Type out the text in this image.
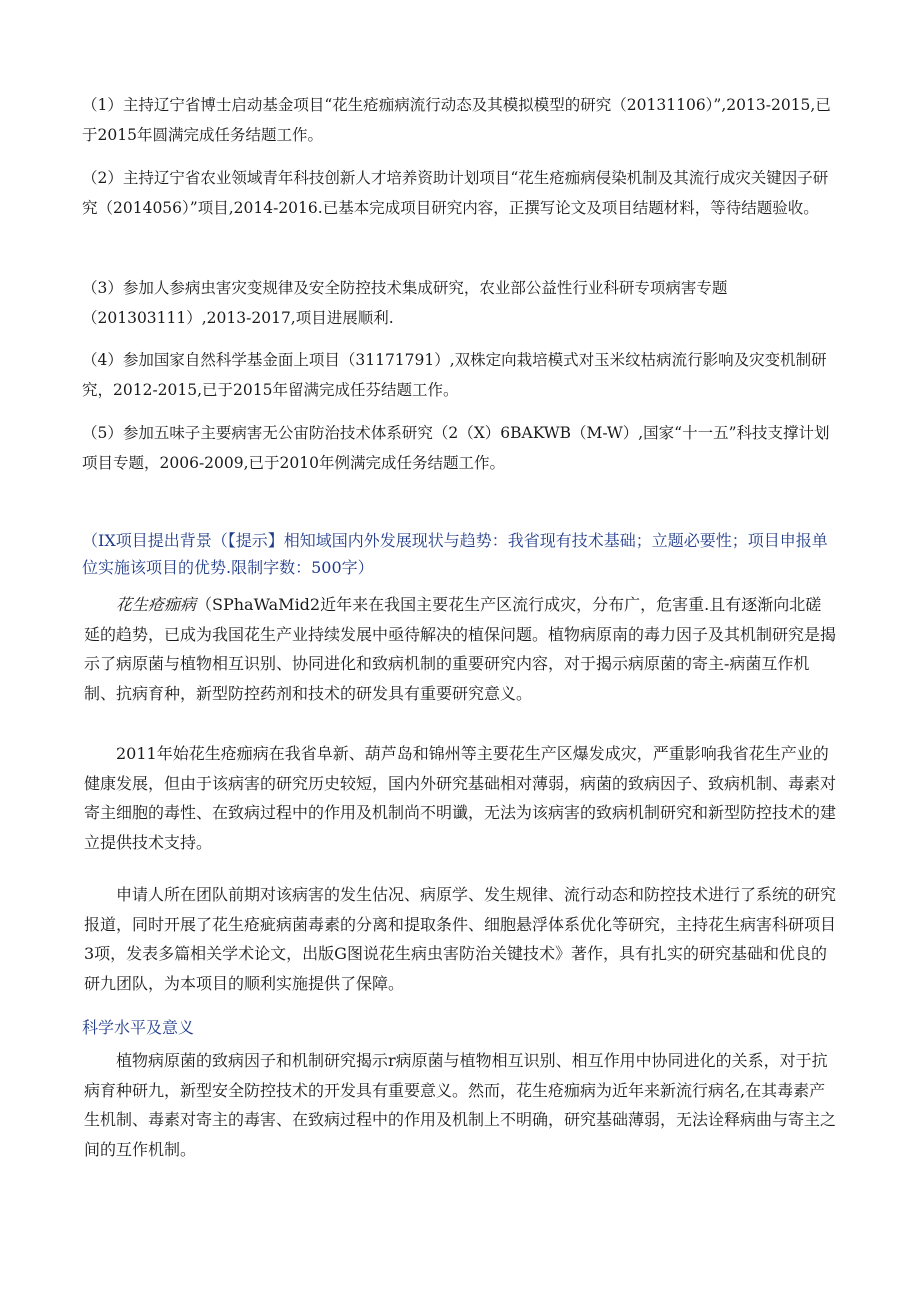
（1）主持辽宁省博士启动基金项目“花生疮痂病流行动态及其模拟模型的研究（20131106）”,2013-2015,已于2015年圆满完成任务结题工作。

（2）主持辽宁省农业领域青年科技创新人才培养资助计划项目“花生疮痂病侵染机制及其流行成灾关键因子研究（2014056）”项目,2014-2016.已基本完成项目研究内容，正撰写论文及项目结题材料，等待结题验收。

（3）参加人参病虫害灾变规律及安全防控技术集成研究，农业部公益性行业科研专项病害专题（201303111）,2013-2017,项目进展顺利.

（4）参加国家自然科学基金面上项目（31171791）,双株定向栽培模式对玉米纹枯病流行影响及灾变机制研究，2012-2015,已于2015年留满完成任芬结题工作。

（5）参加五味子主要病害无公宙防治技术体系研究（2（X）6BAKWB（M-W）,国家“十一五”科技支撑计划项目专题，2006-2009,已于2010年例满完成任务结题工作。

（IX项目提出背景（【提示】相知域国内外发展现状与趋势：我省现有技术基础；立题必要性；项目申报单位实施该项目的优势.限制字数：500字）

花生疮痂病（SPhaWaMid2近年来在我国主要花生产区流行成灾，分布广，危害重.且有逐渐向北磋延的趋势，已成为我国花生产业持续发展中亟待解决的植保问题。植物病原南的毒力因子及其机制研究是揭示了病原菌与植物相互识别、协同进化和致病机制的重要研究内容，对于揭示病原菌的寄主-病菌互作机制、抗病育种，新型防控药剂和技术的研发具有重要研究意义。

2011年始花生疮痂病在我省阜新、葫芦岛和锦州等主要花生产区爆发成灾，严重影响我省花生产业的健康发展，但由于该病害的研究历史较短，国内外研究基础相对薄弱，病菌的致病因子、致病机制、毒素对寄主细胞的毒性、在致病过程中的作用及机制尚不明谶，无法为该病害的致病机制研究和新型防控技术的建立提供技术支持。

申请人所在团队前期对该病害的发生估况、病原学、发生规律、流行动态和防控技术进行了系统的研究报道，同时开展了花生疮疵病菌毒素的分离和提取条件、细胞悬浮体系优化等研究，主持花生病害科研项目3项，发表多篇相关学术论文，出版G图说花生病虫害防治关键技术》著作，具有扎实的研究基础和优良的研九团队，为本项目的顺利实施提供了保障。

科学水平及意义

植物病原菌的致病因子和机制研究揭示r病原菌与植物相互识别、相互作用中协同进化的关系，对于抗病育种研九，新型安全防控技术的开发具有重要意义。然而，花生疮痂病为近年来新流行病名,在其毒素产生机制、毒素对寄主的毒害、在致病过程中的作用及机制上不明确，研究基础薄弱，无法诠释病曲与寄主之间的互作机制。
